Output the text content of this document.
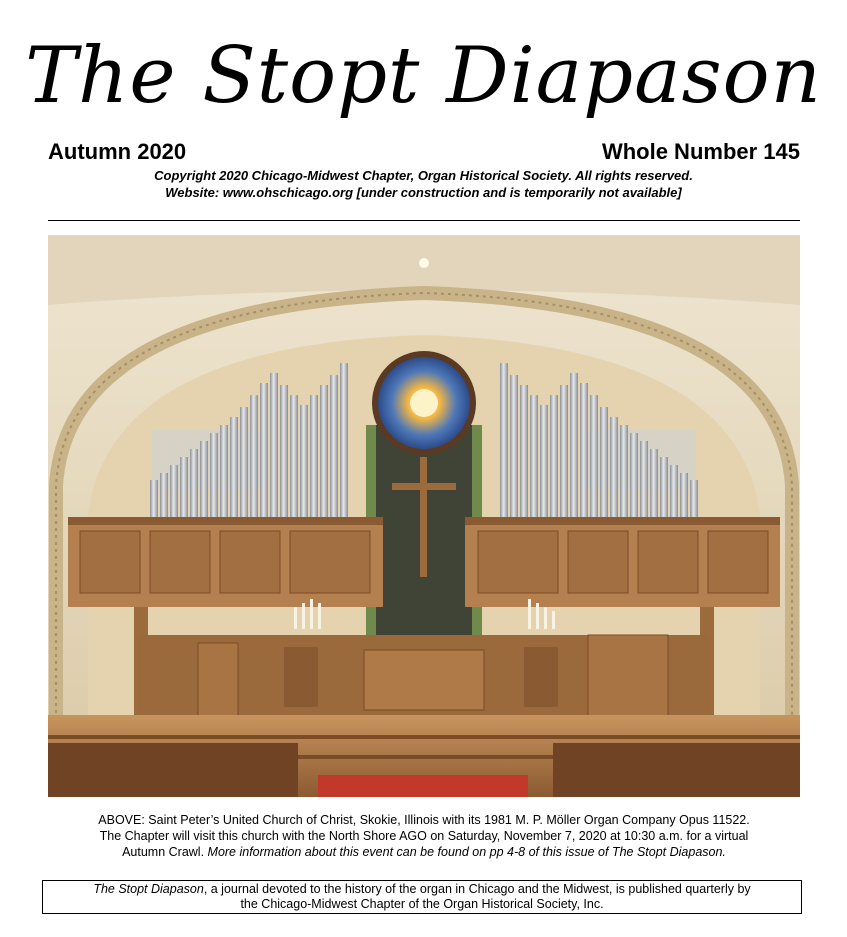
The Stopt Diapason
Autumn 2020	Whole Number 145
Copyright 2020 Chicago-Midwest Chapter, Organ Historical Society. All rights reserved.
Website: www.ohschicago.org [under construction and is temporarily not available]
ABOVE: Saint Peter’s United Church of Christ, Skokie, Illinois with its 1981 M. P. Möller Organ Company Opus 11522.
The Chapter will visit this church with the North Shore AGO on Saturday, November 7, 2020 at 10:30 a.m. for a virtual
Autumn Crawl. More information about this event can be found on pp 4-8 of this issue of The Stopt Diapason.
The Stopt Diapason, a journal devoted to the history of the organ in Chicago and the Midwest, is published quarterly by
the Chicago-Midwest Chapter of the Organ Historical Society, Inc.
